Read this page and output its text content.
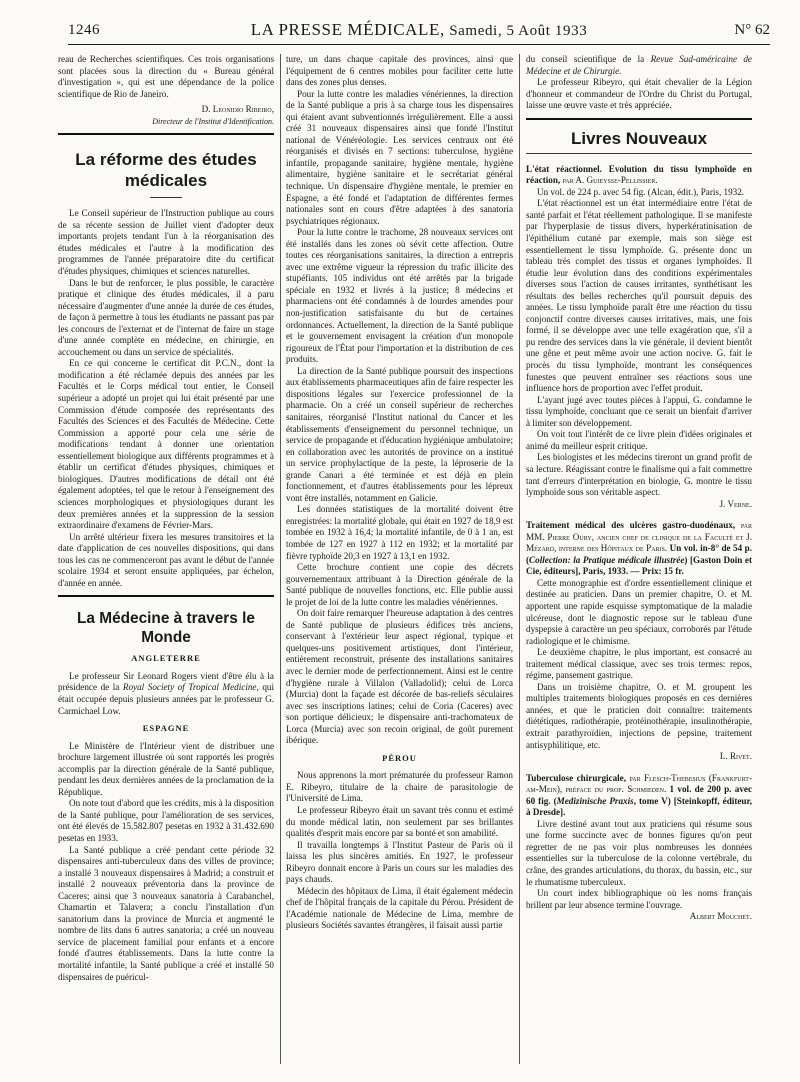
1246	LA PRESSE MÉDICALE, Samedi, 5 Août 1933	N° 62

reau de Recherches scientifiques. Ces trois organisations sont placées sous la direction du « Bureau général d'investigation », qui est une dépendance de la police scientifique de Rio de Janeiro.

D. Leonidio Ribeiro,
Directeur de l'Institut d'Identification.
La réforme des études médicales

Le Conseil supérieur de l'Instruction publique au cours de sa récente session de Juillet vient d'adopter deux importants projets tendant l'un à la réorganisation des études médicales et l'autre à la modification des programmes de l'année préparatoire dite du certificat d'études physiques, chimiques et sciences naturelles.

Dans le but de renforcer, le plus possible, le caractère pratique et clinique des études médicales, il a paru nécessaire d'augmenter d'une année la durée de ces études, de façon à permettre à tous les étudiants ne passant pas par les concours de l'externat et de l'internat de faire un stage d'une année complète en médecine, en chirurgie, en accouchement ou dans un service de spécialités.

En ce qui concerne le certificat dit P.C.N., dont la modification a été réclamée depuis des années par les Facultés et le Corps médical tout entier, le Conseil supérieur a adopté un projet qui lui était présenté par une Commission d'étude composée des représentants des Facultés des Sciences et des Facultés de Médecine. Cette Commission a apporté pour cela une série de modifications tendant à donner une orientation essentiellement biologique aux différents programmes et à établir un certificat d'études physiques, chimiques et biologiques. D'autres modifications de détail ont été également adoptées, tel que le retour à l'enseignement des sciences morphologiques et physiologiques durant les deux premières années et la suppression de la session extraordinaire d'examens de Février-Mars.

Un arrêté ultérieur fixera les mesures transitoires et la date d'application de ces nouvelles dispositions, qui dans tous les cas ne commenceront pas avant le début de l'année scolaire 1934 et seront ensuite appliquées, par échelon, d'année en année.

La Médecine à travers le Monde
ANGLETERRE

Le professeur Sir Leonard Rogers vient d'être élu à la présidence de la Royal Society of Tropical Medicine, qui était occupée depuis plusieurs années par le professeur G. Carmichael Low.

ESPAGNE

Le Ministère de l'Intérieur vient de distribuer une brochure largement illustrée où sont rapportés les progrès accomplis par la direction générale de la Santé publique, pendant les deux dernières années de la proclamation de la République.

On note tout d'abord que les crédits, mis à la disposition de la Santé publique, pour l'amélioration de ses services, ont été élevés de 15.582.807 pesetas en 1932 à 31.432.690 pesetas en 1933.

La Santé publique a créé pendant cette période 32 dispensaires anti-tuberculeux dans des villes de province; a installé 3 nouveaux dispensaires à Madrid; a construit et installé 2 nouveaux préventoria dans la province de Caceres; ainsi que 3 nouveaux sanatoria à Carabanchel, Chamartin et Talavera; a conclu l'installation d'un sanatorium dans la province de Murcia et augmenté le nombre de lits dans 6 autres sanatoria; a créé un nouveau service de placement familial pour enfants et a encore fondé d'autres établissements. Dans la lutte contre la mortalité infantile, la Santé publique a créé et installé 50 dispensaires de puéricul-

ture, un dans chaque capitale des provinces, ainsi que l'équipement de 6 centres mobiles pour faciliter cette lutte dans des zones plus denses.

Pour la lutte contre les maladies vénériennes, la direction de la Santé publique a pris à sa charge tous les dispensaires qui étaient avant subventionnés irrégulièrement. Elle a aussi créé 31 nouveaux dispensaires ainsi que fondé l'Institut national de Vénéréologie. Les services centraux ont été réorganisés et divisés en 7 sections: tuberculose, hygiène infantile, propagande sanitaire, hygiène mentale, hygiène alimentaire, hygiène sanitaire et le secrétariat général technique. Un dispensaire d'hygiène mentale, le premier en Espagne, a été fondé et l'adaptation de différentes fermes nationales sont en cours d'être adaptées à des sanatoria psychiatriques régionaux.

Pour la lutte contre le trachome, 28 nouveaux services ont été installés dans les zones où sévit cette affection. Outre toutes ces réorganisations sanitaires, la direction a entrepris avec une extrême vigueur la répression du trafic illicite des stupéfiants. 105 individus ont été arrêtés par la brigade spéciale en 1932 et livrés à la justice; 8 médecins et pharmaciens ont été condamnés à de lourdes amendes pour non-justification satisfaisante du but de certaines ordonnances. Actuellement, la direction de la Santé publique et le gouvernement envisagent la création d'un monopole rigoureux de l'État pour l'importation et la distribution de ces produits.

La direction de la Santé publique poursuit des inspections aux établissements pharmaceutiques afin de faire respecter les dispositions légales sur l'exercice professionnel de la pharmacie. On a créé un conseil supérieur de recherches sanitaires, réorganisé l'Institut national du Cancer et les établissements d'enseignement du personnel technique, un service de propagande et d'éducation hygiénique ambulatoire; en collaboration avec les autorités de province on a institué un service prophylactique de la peste, la léproserie de la grande Canari a été terminée et est déjà en plein fonctionnement, et d'autres établissements pour les lépreux vont être installés, notamment en Galicie.

Les données statistiques de la mortalité doivent être enregistrées: la mortalité globale, qui était en 1927 de 18,9 est tombée en 1932 à 16,4; la mortalité infantile, de 0 à 1 an, est tombée de 127 en 1927 à 112 en 1932; et la mortalité par fièvre typhoïde 20,3 en 1927 à 13,1 en 1932.

Cette brochure contient une copie des décrets gouvernementaux attribuant à la Direction générale de la Santé publique de nouvelles fonctions, etc. Elle publie aussi le projet de loi de la lutte contre les maladies vénériennes.

On doit faire remarquer l'heureuse adaptation à des centres de Santé publique de plusieurs édifices très anciens, conservant à l'extérieur leur aspect régional, typique et quelques-uns positivement artistiques, dont l'intérieur, entièrement reconstruit, présente des installations sanitaires avec le dernier mode de perfectionnement. Ainsi est le centre d'hygiène rurale à Villalon (Valladolid); celui de Lorca (Murcia) dont la façade est décorée de bas-reliefs séculaires avec ses inscriptions latines; celui de Coria (Caceres) avec son portique délicieux; le dispensaire anti-trachomateux de Lorca (Murcia) avec son recoin original, de goût purement ibérique.

PÉROU

Nous apprenons la mort prématurée du professeur Ramon E. Ribeyro, titulaire de la chaire de parasitologie de l'Université de Lima.

Le professeur Ribeyro était un savant très connu et estimé du monde médical latin, non seulement par ses brillantes qualités d'esprit mais encore par sa bonté et son amabilité.

Il travailla longtemps à l'Institut Pasteur de Paris où il laissa les plus sincères amitiés. En 1927, le professeur Ribeyro donnait encore à Paris un cours sur les maladies des pays chauds.

Médecin des hôpitaux de Lima, il était également médecin chef de l'hôpital français de la capitale du Pérou. Président de l'Académie nationale de Médecine de Lima, membre de plusieurs Sociétés savantes étrangères, il faisait aussi partie

du conseil scientifique de la Revue Sud-américaine de Médecine et de Chirurgie.

Le professeur Ribeyro, qui était chevalier de la Légion d'honneur et commandeur de l'Ordre du Christ du Portugal, laisse une œuvre vaste et très appréciée.

Livres Nouveaux

L'état réactionnel. Evolution du tissu lymphoïde en réaction, par A. Guieysse-Pellissier.

Un vol. de 224 p. avec 54 fig. (Alcan, édit.), Paris, 1932.

L'état réactionnel est un état intermédiaire entre l'état de santé parfait et l'état réellement pathologique. Il se manifeste par l'hyperplasie de tissus divers, hyperkératinisation de l'épithélium cutané par exemple, mais son siège est essentiellement le tissu lymphoïde. G. présente donc un tableau très complet des tissus et organes lymphoïdes. Il étudie leur évolution dans des conditions expérimentales diverses sous l'action de causes irritantes, synthétisant les résultats des belles recherches qu'il poursuit depuis des années. Le tissu lymphoïde paraît être une réaction du tissu conjonctif contre diverses causes irritatives, mais, une fois formé, il se développe avec une telle exagération que, s'il a pu rendre des services dans la vie générale, il devient bientôt une gêne et peut même avoir une action nocive. G. fait le procès du tissu lymphoïde, montrant les conséquences funestes que peuvent entraîner ses réactions sous une influence hors de proportion avec l'effet produit.

L'ayant jugé avec toutes pièces à l'appui, G. condamne le tissu lymphoïde, concluant que ce serait un bienfait d'arriver à limiter son développement.

On voit tout l'intérêt de ce livre plein d'idées originales et animé du meilleur esprit critique.

Les biologistes et les médecins tireront un grand profit de sa lecture. Réagissant contre le finalisme qui a fait commettre tant d'erreurs d'interprétation en biologie, G. montre le tissu lymphoïde sous son véritable aspect.

J. Verne.

Traitement médical des ulcères gastro-duodénaux, par MM. Pierre Oury, ancien chef de clinique de la Faculté et J. Mézard, interne des Hôpitaux de Paris. Un vol. in-8° de 54 p. (Collection: la Pratique médicale illustrée) [Gaston Doin et Cie, éditeurs], Paris, 1933. — Prix: 15 fr.

Cette monographie est d'ordre essentiellement clinique et destinée au praticien. Dans un premier chapitre, O. et M. apportent une rapide esquisse symptomatique de la maladie ulcéreuse, dont le diagnostic repose sur le tableau d'une dyspepsie à caractère un peu spéciaux, corroborés par l'étude radiologique et le chimisme.

Le deuxième chapitre, le plus important, est consacré au traitement médical classique, avec ses trois termes: repos, régime, pansement gastrique.

Dans un troisième chapitre, O. et M. groupent les multiples traitements biologiques proposés en ces dernières années, et que le praticien doit connaître: traitements diététiques, radiothérapie, protéinothérapie, insulinothérapie, extrait parathyroïdien, injections de pepsine, traitement antisyphilitique, etc.

L. Rivet.

Tuberculose chirurgicale, par Flesch-Thebesius (Frankfurt-am-Mein), préface du prof. Schmieden. 1 vol. de 200 p. avec 60 fig. (Medizinische Praxis, tome V) [Steinkopff, éditeur, à Dresde].

Livre destiné avant tout aux praticiens qui résume sous une forme succincte avec de bonnes figures qu'on peut regretter de ne pas voir plus nombreuses les données essentielles sur la tuberculose de la colonne vertébrale, du crâne, des grandes articulations, du thorax, du bassin, etc., sur le rhumatisme tuberculeux.

Un court index bibliographique où les noms français brillent par leur absence termine l'ouvrage.

Albert Mouchet.
